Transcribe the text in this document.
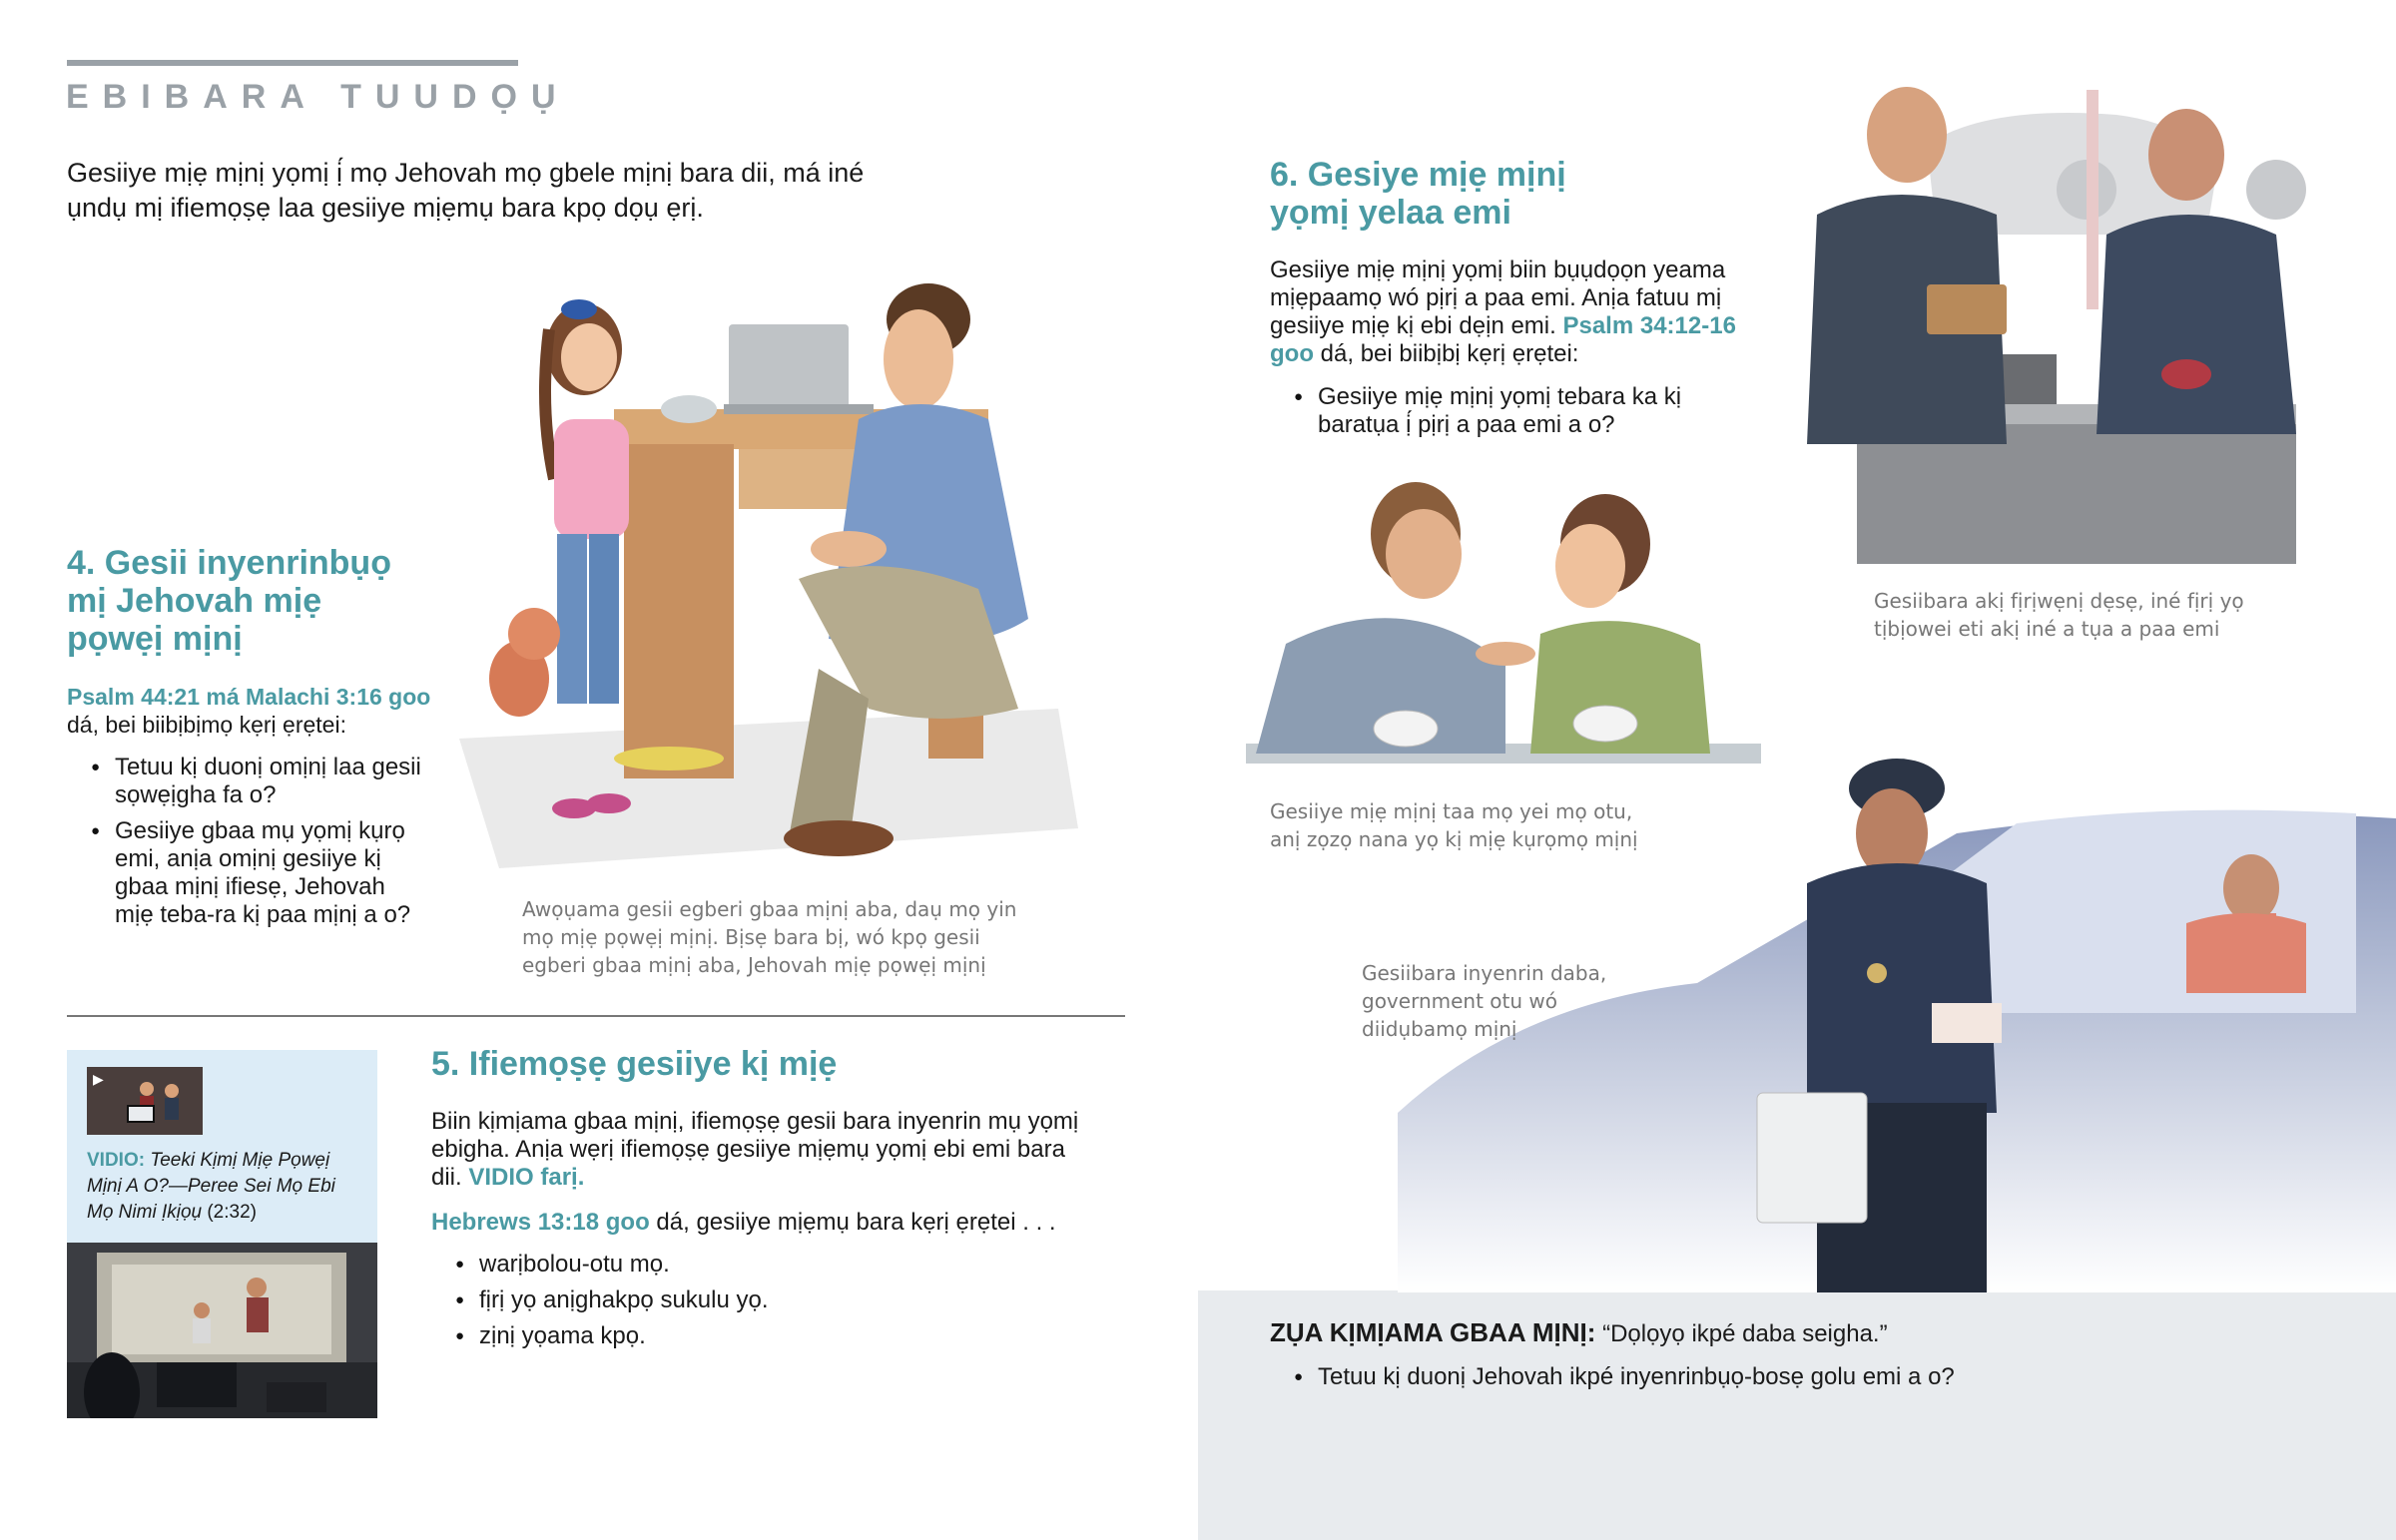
EBIBARA TUUDỌỤ
Gesiiye mịẹ mịnị yọmị ị́ mọ Jehovah mọ gbele mịnị bara dii, má iné ụndụ mị ifiemọṣẹ laa gesiiye mịẹmụ bara kpọ dọụ ẹrị.
4. Gesii inyenrinbụọ mị Jehovah mịẹ pọwẹị mịnị
Psalm 44:21 má Malachi 3:16 goo
dá, bei biibịbịmọ kẹrị ẹrẹtei:
● Tetuu kị duonị omịnị laa gesii sọwẹịgha fa o?
● Gesiiye gbaa mụ yọmị kụrọ emi, anịa omịnị gesiiye kị gbaa mịnị ifiesẹ, Jehovah mịẹ teba-ra kị paa mịnị a o?	Awọụama gesii egberi gbaa mịnị aba, daụ mọ yin mọ mịẹ pọwẹị mịnị. Bịsẹ bara bị, wó kpọ gesii egberi gbaa mịnị aba, Jehovah mịẹ pọwẹị mịnị
▶
VIDIO: Teeki Kịmị Mịẹ Pọwẹị Mịnị A O?—Peree Sei Mọ Ebi Mọ Nimi Ịkịọụ (2:32)
5. Ifiemọṣẹ gesiiye kị mịẹ
Biin kịmịama gbaa mịnị, ifiemọṣẹ gesii bara inyenrin mụ yọmị ebigha. Anịa wẹrị ifiemọṣẹ gesiiye mịẹmụ yọmị ebi emi bara dii. VIDIO farị.
Hebrews 13:18 goo dá, gesiiye mịẹmụ bara kẹrị ẹrẹtei . . .
● warịbolou-otu mọ.
● fịrị yọ anịghakpọ sukulu yọ.
● zịnị yọama kpọ.
6. Gesiye mịẹ mịnị yọmị yelaa emi
Gesiiye mịẹ mịnị yọmị biin bụụdọọn yeama mịẹpaamọ wó pịrị a paa emi. Anịa fatuu mị gesiiye mịẹ kị ebi dẹịn emi. Psalm 34:12-16 goo dá, bei biibịbị kẹrị ẹrẹtei:
● Gesiiye mịẹ mịnị yọmị tebara ka kị baratụa ị́ pịrị a paa emi a o?
Gesiibara akị fịrịwẹnị dẹsẹ, iné fịrị yọ tịbịowei eti akị iné a tụa a paa emi
Gesiiye mịẹ mịnị taa mọ yei mọ otu, anị zọzọ nana yọ kị mịẹ kụrọmọ mịnị
Gesiibara inyenrin daba, government otu wó diidụbamọ mịnị
ZỤA KỊMỊAMA GBAA MỊNỊ: “Dọlọyọ ikpé daba seigha.”
● Tetuu kị duonị Jehovah ikpé inyenrinbụọ-bosẹ golu emi a o?
